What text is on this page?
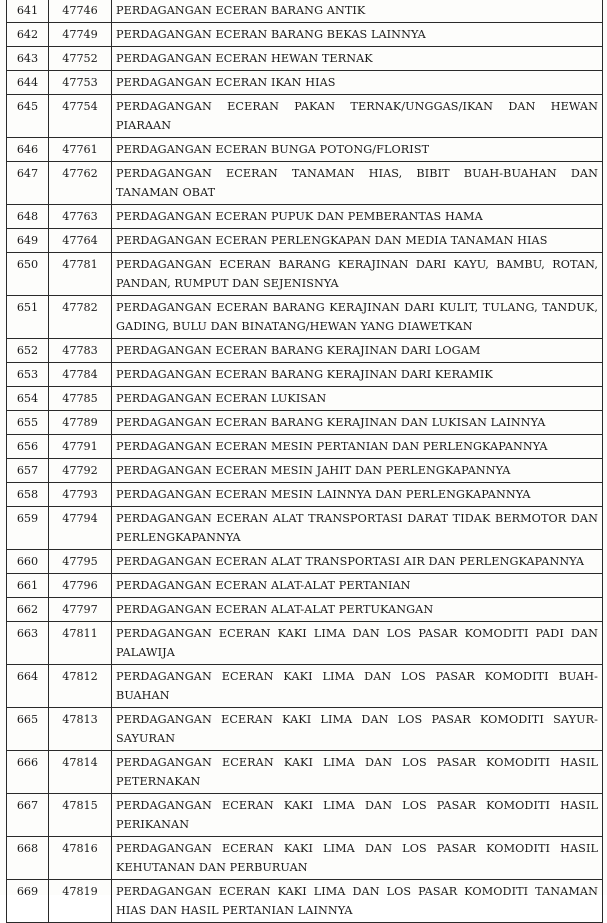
641	47746	PERDAGANGAN ECERAN BARANG ANTIK
642	47749	PERDAGANGAN ECERAN BARANG BEKAS LAINNYA
643	47752	PERDAGANGAN ECERAN HEWAN TERNAK
644	47753	PERDAGANGAN ECERAN IKAN HIAS
645	47754	PERDAGANGAN ECERAN PAKAN TERNAK/UNGGAS/IKAN DAN HEWAN PIARAAN
646	47761	PERDAGANGAN ECERAN BUNGA POTONG/FLORIST
647	47762	PERDAGANGAN ECERAN TANAMAN HIAS, BIBIT BUAH-BUAHAN DAN TANAMAN OBAT
648	47763	PERDAGANGAN ECERAN PUPUK DAN PEMBERANTAS HAMA
649	47764	PERDAGANGAN ECERAN PERLENGKAPAN DAN MEDIA TANAMAN HIAS
650	47781	PERDAGANGAN ECERAN BARANG KERAJINAN DARI KAYU, BAMBU, ROTAN, PANDAN, RUMPUT DAN SEJENISNYA
651	47782	PERDAGANGAN ECERAN BARANG KERAJINAN DARI KULIT, TULANG, TANDUK, GADING, BULU DAN BINATANG/HEWAN YANG DIAWETKAN
652	47783	PERDAGANGAN ECERAN BARANG KERAJINAN DARI LOGAM
653	47784	PERDAGANGAN ECERAN BARANG KERAJINAN DARI KERAMIK
654	47785	PERDAGANGAN ECERAN LUKISAN
655	47789	PERDAGANGAN ECERAN BARANG KERAJINAN DAN LUKISAN LAINNYA
656	47791	PERDAGANGAN ECERAN MESIN PERTANIAN DAN PERLENGKAPANNYA
657	47792	PERDAGANGAN ECERAN MESIN JAHIT DAN PERLENGKAPANNYA
658	47793	PERDAGANGAN ECERAN MESIN LAINNYA DAN PERLENGKAPANNYA
659	47794	PERDAGANGAN ECERAN ALAT TRANSPORTASI DARAT TIDAK BERMOTOR DAN PERLENGKAPANNYA
660	47795	PERDAGANGAN ECERAN ALAT TRANSPORTASI AIR DAN PERLENGKAPANNYA
661	47796	PERDAGANGAN ECERAN ALAT-ALAT PERTANIAN
662	47797	PERDAGANGAN ECERAN ALAT-ALAT PERTUKANGAN
663	47811	PERDAGANGAN ECERAN KAKI LIMA DAN LOS PASAR KOMODITI PADI DAN PALAWIJA
664	47812	PERDAGANGAN ECERAN KAKI LIMA DAN LOS PASAR KOMODITI BUAH-BUAHAN
665	47813	PERDAGANGAN ECERAN KAKI LIMA DAN LOS PASAR KOMODITI SAYUR-SAYURAN
666	47814	PERDAGANGAN ECERAN KAKI LIMA DAN LOS PASAR KOMODITI HASIL PETERNAKAN
667	47815	PERDAGANGAN ECERAN KAKI LIMA DAN LOS PASAR KOMODITI HASIL PERIKANAN
668	47816	PERDAGANGAN ECERAN KAKI LIMA DAN LOS PASAR KOMODITI HASIL KEHUTANAN DAN PERBURUAN
669	47819	PERDAGANGAN ECERAN KAKI LIMA DAN LOS PASAR KOMODITI TANAMAN HIAS DAN HASIL PERTANIAN LAINNYA
